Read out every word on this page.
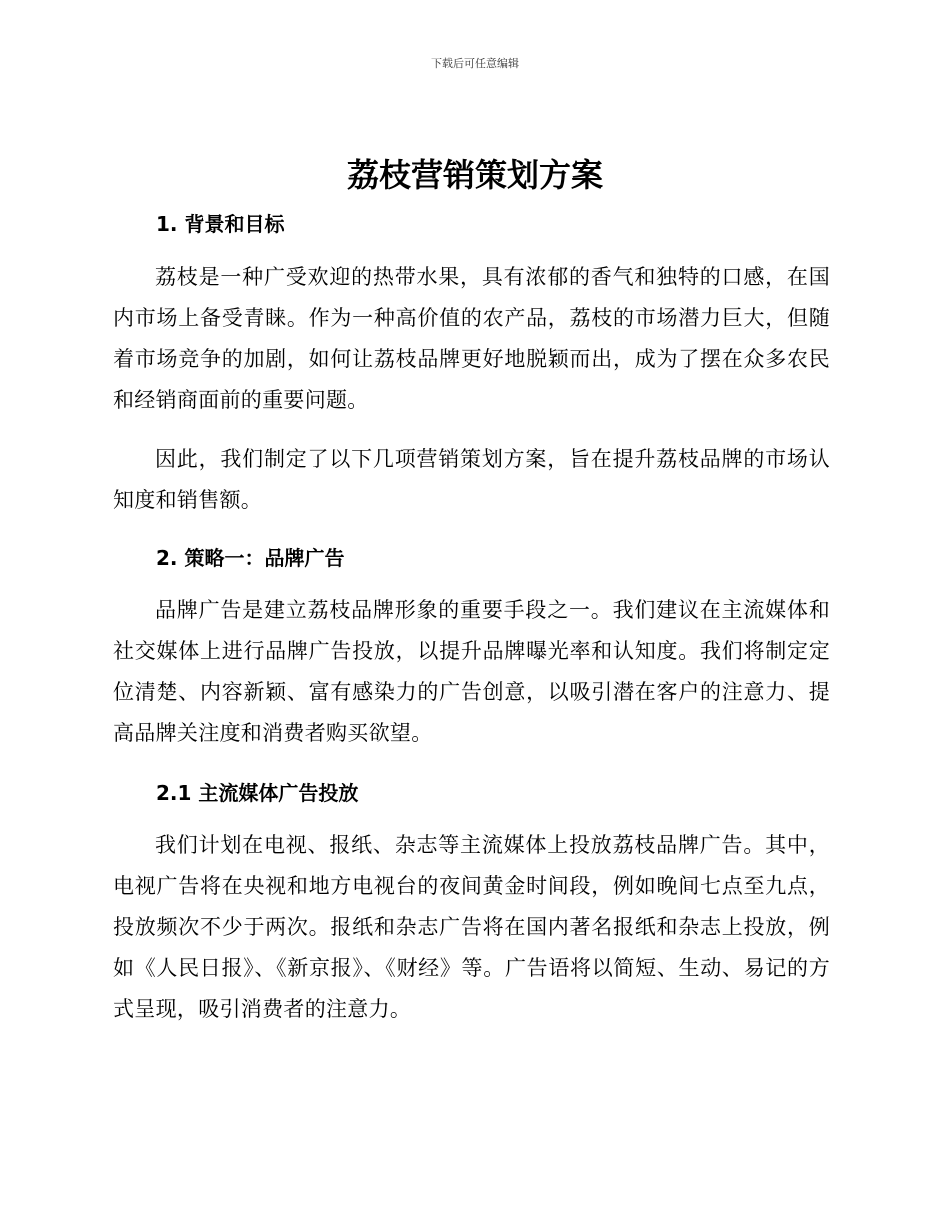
下载后可任意编辑
荔枝营销策划方案
1. 背景和目标

荔枝是一种广受欢迎的热带水果，具有浓郁的香气和独特的口感，在国内市场上备受青睐。作为一种高价值的农产品，荔枝的市场潜力巨大，但随着市场竞争的加剧，如何让荔枝品牌更好地脱颖而出，成为了摆在众多农民和经销商面前的重要问题。

因此，我们制定了以下几项营销策划方案，旨在提升荔枝品牌的市场认知度和销售额。

2. 策略一：品牌广告

品牌广告是建立荔枝品牌形象的重要手段之一。我们建议在主流媒体和社交媒体上进行品牌广告投放，以提升品牌曝光率和认知度。我们将制定定位清楚、内容新颖、富有感染力的广告创意，以吸引潜在客户的注意力、提高品牌关注度和消费者购买欲望。

2.1 主流媒体广告投放

我们计划在电视、报纸、杂志等主流媒体上投放荔枝品牌广告。其中，电视广告将在央视和地方电视台的夜间黄金时间段，例如晚间七点至九点，投放频次不少于两次。报纸和杂志广告将在国内著名报纸和杂志上投放，例如《人民日报》、《新京报》、《财经》等。广告语将以简短、生动、易记的方式呈现，吸引消费者的注意力。
